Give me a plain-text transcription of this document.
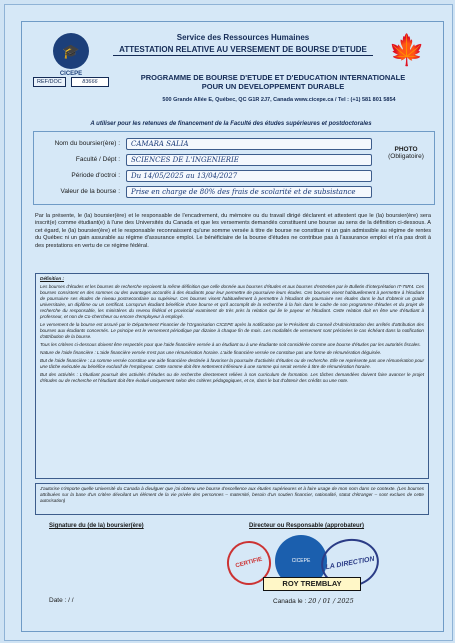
🎓
CICEPE
Service des Ressources Humaines
ATTESTATION RELATIVE AU VERSEMENT DE BOURSE D'ETUDE 🍁
REF/DOC	83666	PROGRAMME DE BOURSE D'ETUDE ET D'EDUCATION INTERNATIONALE POUR UN DEVELOPPEMENT DURABLE
500 Grande Allée E, Québec, QC G1R 2J7, Canada www.cicepe.ca / Tel : (+1) 581 801 5854
A utiliser pour les retenues de financement de la Faculté des études supérieures et postdoctorales
Nom du boursier(ère) :	CAMARA SALIA
Faculté / Dépt :	SCIENCES DE L'INGENIERIE
Période d'octroi :	Du 14/05/2025 au 13/04/2027
Valeur de la bourse :	Prise en charge de 80% des frais de scolarité et de subsistance
PHOTO
(Obligatoire)
Par la présente, le (la) boursier(ère) et le responsable de l'encadrement, du mémoire ou du travail dirigé déclarent et attestent que le (la) boursier(ère) sera inscrit(e) comme étudiant(e) à l'une des Universités du Canada et que les versements demandés constituent une bourse au sens de la définition ci-dessous. A cet égard, le (la) boursier(ère) et le responsable reconnaissent qu'une somme versée à titre de bourse ne constitue ni un gain admissible au régime de rentes du Québec ni un gain assurable au régime d'assurance emploi. Le bénéficiaire de la bourse d'études ne contribue pas à l'assurance emploi et n'a pas droit à des prestations en vertu de ce régime fédéral.

Définition :

Les bourses d'études et les bourses de recherche reçoivent la même définition que celle donnée aux bourses d'études et aux bourses d'entretien par le Bulletin d'interprétation IT-75R4. Ces bourses consistent en des sommes ou des avantages accordés à des étudiants pour leur permettre de poursuivre leurs études. Ces bourses visent habituellement à permettre à l'étudiant de poursuivre ses études de niveau postsecondaire ou supérieur. Ces bourses visent habituellement à permettre à l'étudiant de poursuivre ses études dans le but d'obtenir un grade universitaire, un diplôme ou un certificat. Lorsqu'un étudiant bénéficie d'une bourse et qu'il accomplit de la recherche à la fois dans le cadre de son programme d'études et du projet de recherche du responsable, les ministères du revenu fédéral et provincial examinent de très près la relation qui lie le payeur et l'étudiant. Cette relation doit en être une d'étudiant à professeur, et non de Co-chercheur ou encore d'employeur à employé.

Le versement de la bourse est assuré par le Département Financier de l'Organisation CICEPE après la notification par le Président du Conseil d'Administration des arrêtés d'attribution des bourses aux étudiants concernés. Le principe est le versement périodique par dizaine à chaque fin de mois. Les modalités de versement sont précisées le cas échéant dans la notification d'attribution de la bourse.

Tous les critères ci-dessous doivent être respectés pour que l'aide financière versée à un étudiant ou à une étudiante soit considérée comme une bourse d'études par les autorités fiscales.

Nature de l'aide financière : L'aide financière versée n'est pas une rémunération horaire. L'aide financière versée ne constitue pas une forme de rémunération déguisée.

But de l'aide financière : La somme versée constitue une aide financière destinée à favoriser la poursuite d'activités d'études ou de recherche. Elle ne représente pas une rémunération pour une tâche exécutée au bénéfice exclusif de l'employeur. Cette somme doit être nettement inférieure à une somme qui serait versée à titre de rémunération horaire.

But des activités : L'étudiant poursuit des activités d'études ou de recherche directement reliées à son curriculum de formation. Les tâches demandées doivent faire avancer le projet d'études ou de recherche et l'étudiant doit être évalué uniquement selon des critères pédagogiques, et ce, dans le but d'obtenir des crédits ou une note.

J'autorise n'importe quelle Université du Canada à divulguer que j'ai obtenu une bourse d'excellence aux études supérieures et à faire usage de mon nom dans ce contexte. (Les bourses attribuées sur la base d'un critère dévoilant un élément de la vie privée des personnes – maternité, besoin d'un soutien financier, nationalité, statut d'étranger – sont exclues de cette autorisation)
Signature du (de la) boursier(ère)	Directeur ou Responsable (approbateur)
CERTIFIE	CICEPE	LA DIRECTION
ROY TREMBLAY
Date : / /	Canada le : 20 / 01 / 2025
